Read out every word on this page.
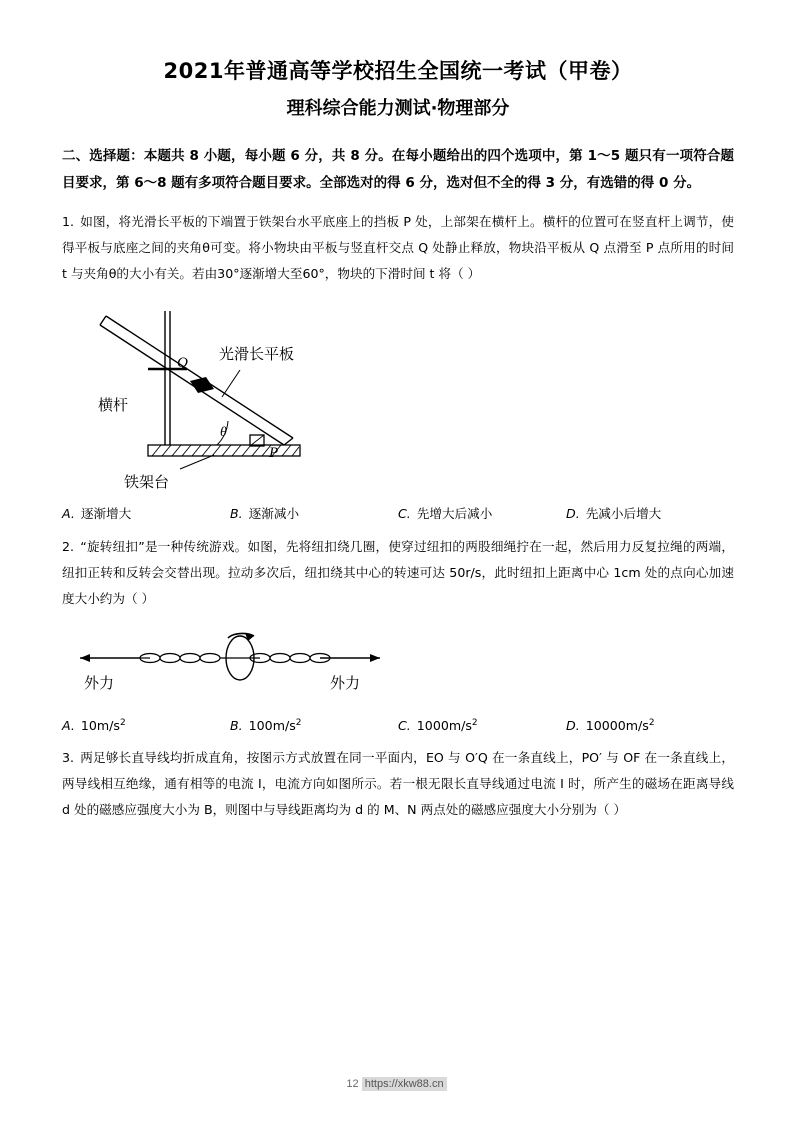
2021年普通高等学校招生全国统一考试（甲卷）
理科综合能力测试·物理部分
二、选择题：本题共 8 小题，每小题 6 分，共 8 分。在每小题给出的四个选项中，第 1～5 题只有一项符合题目要求，第 6～8 题有多项符合题目要求。全部选对的得 6 分，选对但不全的得 3 分，有选错的得 0 分。
1. 如图，将光滑长平板的下端置于铁架台水平底座上的挡板 P 处，上部架在横杆上。横杆的位置可在竖直杆上调节，使得平板与底座之间的夹角θ可变。将小物块由平板与竖直杆交点 Q 处静止释放，物块沿平板从 Q 点滑至 P 点所用的时间 t 与夹角θ的大小有关。若由30°逐渐增大至60°，物块的下滑时间 t 将（ ）
光滑长平板
横杆
铁架台
Q
P
θ
A. 逐渐增大	B. 逐渐减小	C. 先增大后减小	D. 先减小后增大
2. “旋转纽扣”是一种传统游戏。如图，先将纽扣绕几圈，使穿过纽扣的两股细绳拧在一起，然后用力反复拉绳的两端，纽扣正转和反转会交替出现。拉动多次后，纽扣绕其中心的转速可达 50r/s，此时纽扣上距离中心 1cm 处的点向心加速度大小约为（ ）
外力	外力
A. $10m/s^2$	B. $100m/s^2$	C. $1000m/s^2$	D. $10000m/s^2$
3. 两足够长直导线均折成直角，按图示方式放置在同一平面内，EO 与 O′Q 在一条直线上，PO′ 与 OF 在一条直线上，两导线相互绝缘，通有相等的电流 I，电流方向如图所示。若一根无限长直导线通过电流 I 时，所产生的磁场在距离导线 d 处的磁感应强度大小为 B，则图中与导线距离均为 d 的 M、N 两点处的磁感应强度大小分别为（ ）
12 https://xkw88.cn
